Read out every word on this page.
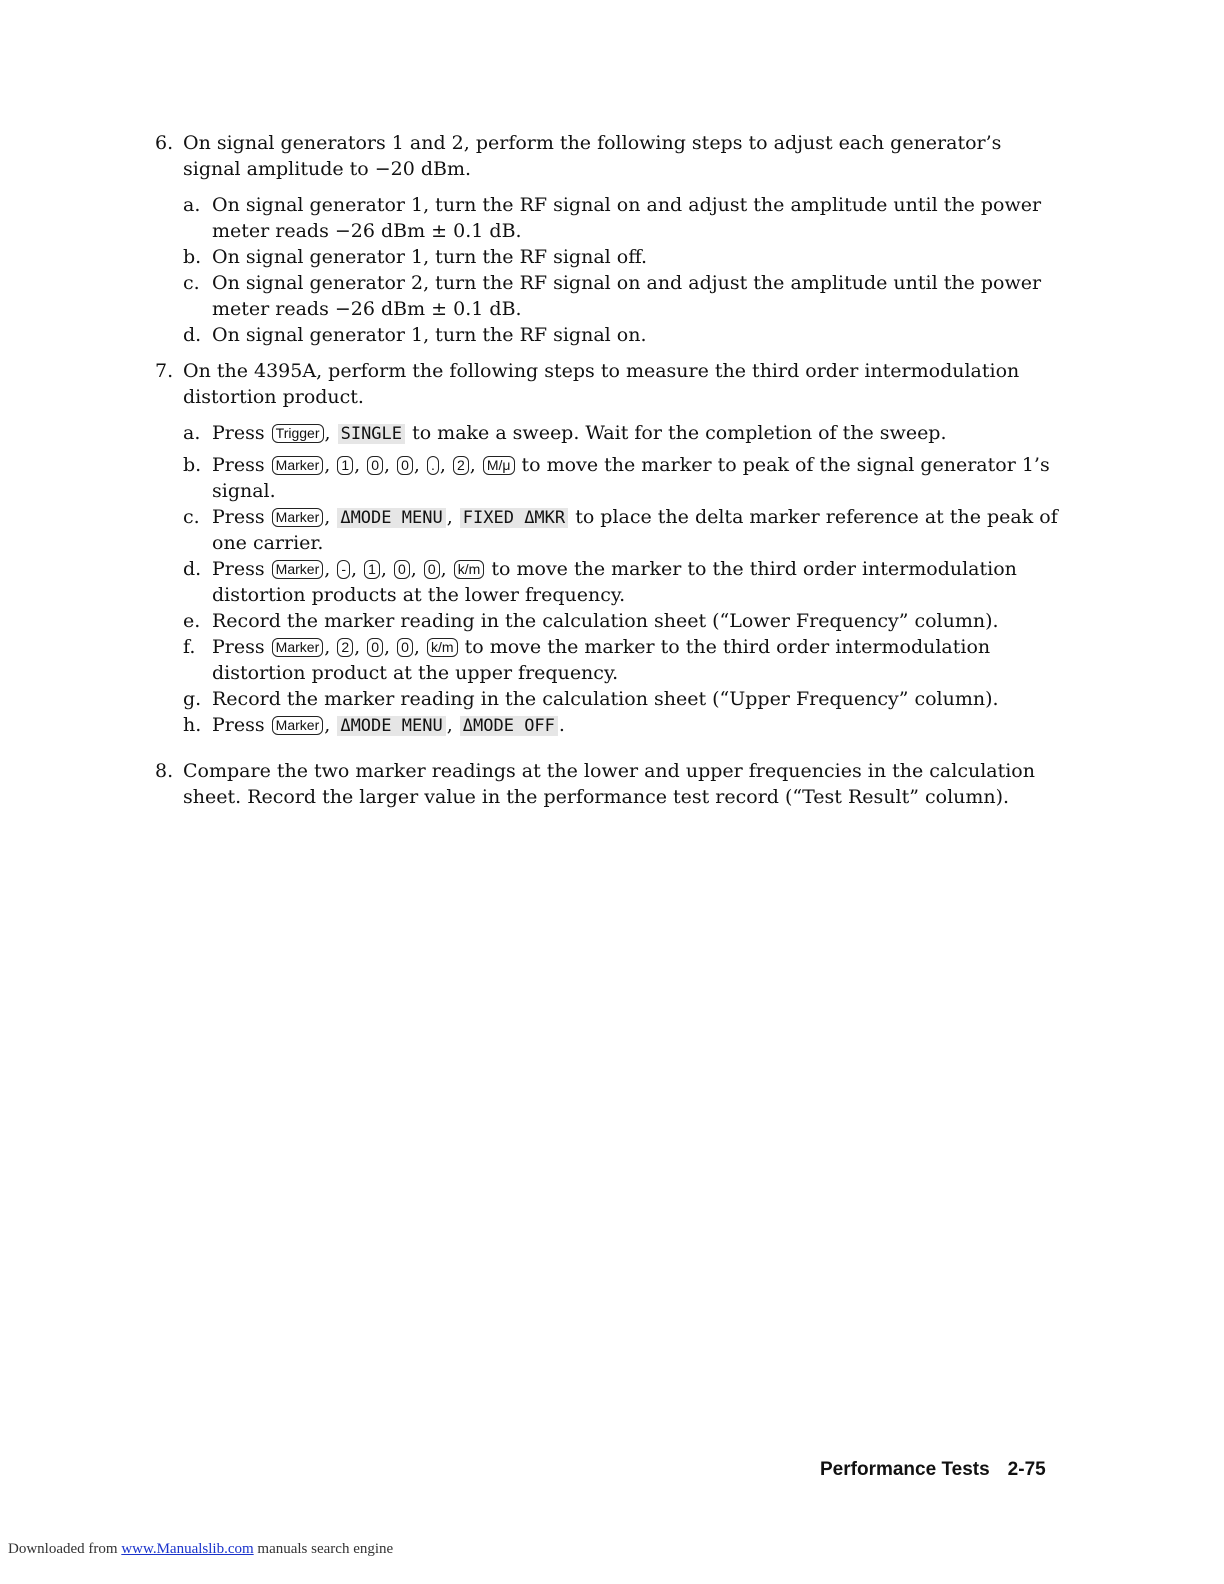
6. On signal generators 1 and 2, perform the following steps to adjust each generator’s signal amplitude to −20 dBm.
a. On signal generator 1, turn the RF signal on and adjust the amplitude until the power meter reads −26 dBm ± 0.1 dB.
b. On signal generator 1, turn the RF signal off.
c. On signal generator 2, turn the RF signal on and adjust the amplitude until the power meter reads −26 dBm ± 0.1 dB.
d. On signal generator 1, turn the RF signal on.
7. On the 4395A, perform the following steps to measure the third order intermodulation distortion product.
a. Press Trigger , SINGLE to make a sweep. Wait for the completion of the sweep.
b. Press Marker , 1 , 0 , 0 , . , 2 , M/μ to move the marker to peak of the signal generator 1’s signal.
c. Press Marker , ΔMODE MENU , FIXED ΔMKR to place the delta marker reference at the peak of one carrier.
d. Press Marker , - , 1 , 0 , 0 , k/m to move the marker to the third order intermodulation distortion products at the lower frequency.
e. Record the marker reading in the calculation sheet (“Lower Frequency” column).
f. Press Marker , 2 , 0 , 0 , k/m to move the marker to the third order intermodulation distortion product at the upper frequency.
g. Record the marker reading in the calculation sheet (“Upper Frequency” column).
h. Press Marker , ΔMODE MENU , ΔMODE OFF .
8. Compare the two marker readings at the lower and upper frequencies in the calculation sheet. Record the larger value in the performance test record (“Test Result” column).
Performance Tests 2-75
Downloaded from www.Manualslib.com manuals search engine
